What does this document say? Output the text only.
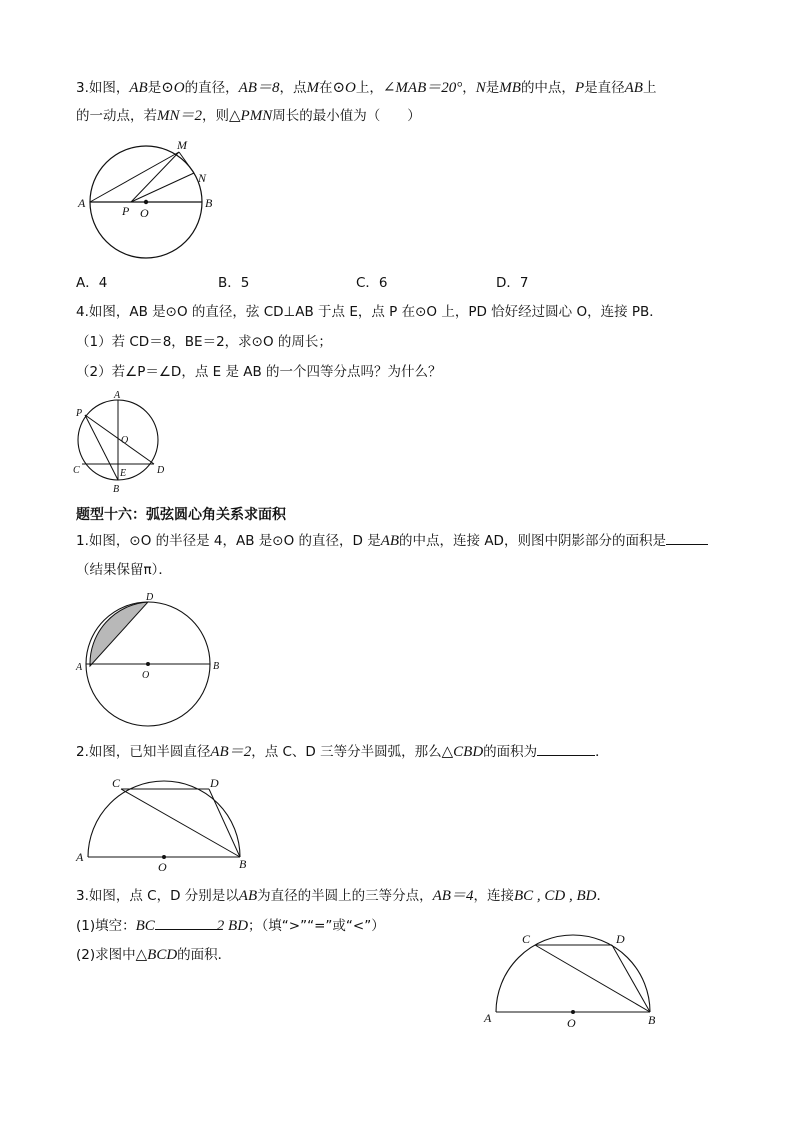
3.如图，AB是⊙O的直径，AB＝8，点M在⊙O上，∠MAB＝20°，N是MB的中点，P是直径AB上
的一动点，若MN＝2，则△PMN周长的最小值为（　　）
A	B
M
N
P O
A．4	B．5	C．6	D．7
4.如图，AB 是⊙O 的直径，弦 CD⊥AB 于点 E，点 P 在⊙O 上，PD 恰好经过圆心 O，连接 PB．
（1）若 CD＝8，BE＝2，求⊙O 的周长；
（2）若∠P＝∠D，点 E 是 AB 的一个四等分点吗？为什么？
A
B
C	D
E
O
P
题型十六：弧弦圆心角关系求面积
1.如图，⊙O 的半径是 4，AB 是⊙O 的直径，D 是AB的中点，连接 AD，则图中阴影部分的面积是
（结果保留π）．
A	B
D
O
2.如图，已知半圆直径AB＝2，点 C、D 三等分半圆弧，那么△CBD的面积为	．
A	B
C	D
O
3.如图，点 C，D 分别是以AB为直径的半圆上的三等分点，AB＝4，连接BC , CD , BD．
(1)填空：BC	2 BD；（填“>”“=”或“<”）
(2)求图中△BCD的面积．
A	B
C	D
O
